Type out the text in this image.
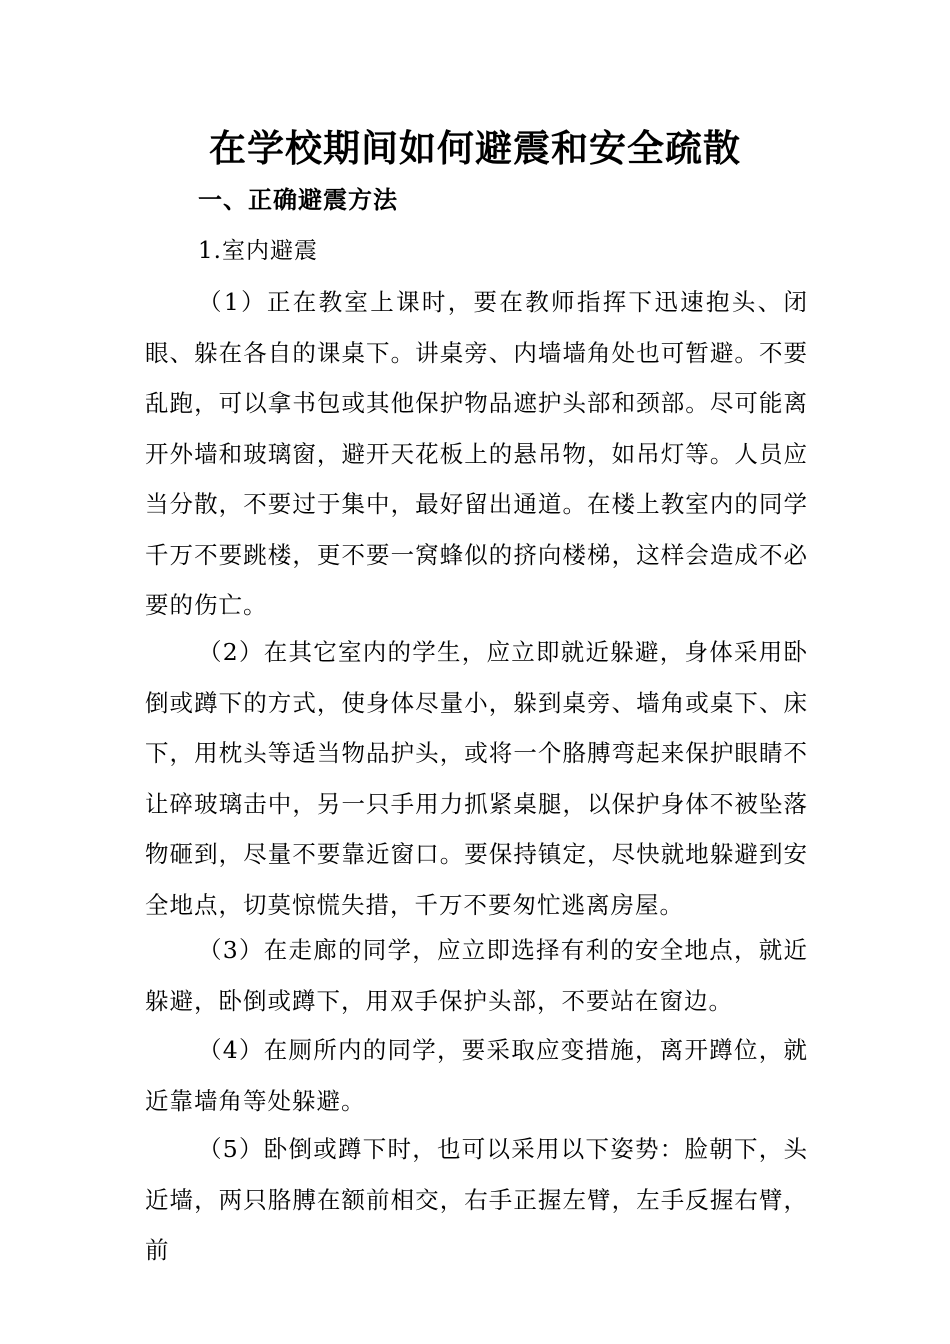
在学校期间如何避震和安全疏散
一、正确避震方法
1.室内避震

（1）正在教室上课时，要在教师指挥下迅速抱头、闭眼、躲在各自的课桌下。讲桌旁、内墙墙角处也可暂避。不要乱跑，可以拿书包或其他保护物品遮护头部和颈部。尽可能离开外墙和玻璃窗，避开天花板上的悬吊物，如吊灯等。人员应当分散，不要过于集中，最好留出通道。在楼上教室内的同学千万不要跳楼，更不要一窝蜂似的挤向楼梯，这样会造成不必要的伤亡。

（2）在其它室内的学生，应立即就近躲避，身体采用卧倒或蹲下的方式，使身体尽量小，躲到桌旁、墙角或桌下、床下，用枕头等适当物品护头，或将一个胳膊弯起来保护眼睛不让碎玻璃击中，另一只手用力抓紧桌腿，以保护身体不被坠落物砸到，尽量不要靠近窗口。要保持镇定，尽快就地躲避到安全地点，切莫惊慌失措，千万不要匆忙逃离房屋。

（3）在走廊的同学，应立即选择有利的安全地点，就近躲避，卧倒或蹲下，用双手保护头部，不要站在窗边。

（4）在厕所内的同学，要采取应变措施，离开蹲位，就近靠墙角等处躲避。

（5）卧倒或蹲下时，也可以采用以下姿势：脸朝下，头近墙，两只胳膊在额前相交，右手正握左臂，左手反握右臂，前
